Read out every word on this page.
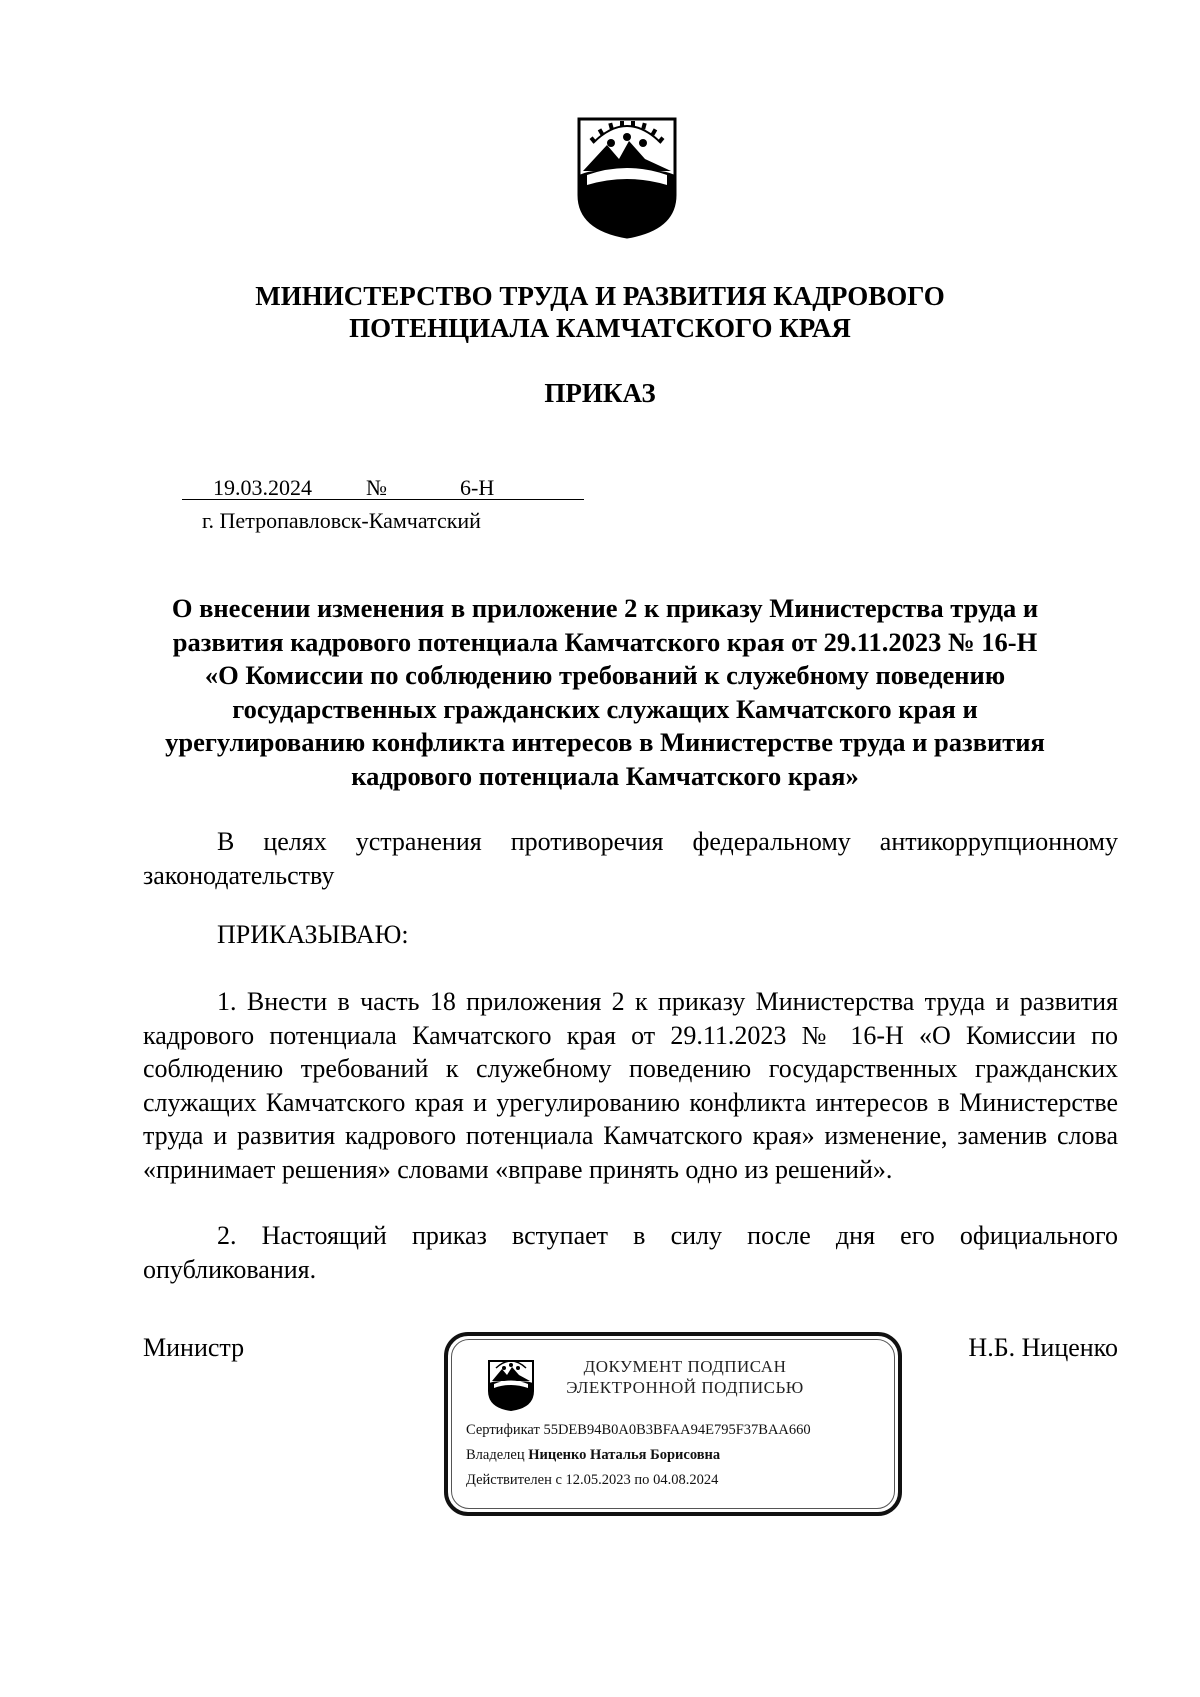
МИНИСТЕРСТВО ТРУДА И РАЗВИТИЯ КАДРОВОГО
ПОТЕНЦИАЛА КАМЧАТСКОГО КРАЯ
ПРИКАЗ
19.03.2024 №	6-Н
г. Петропавловск-Камчатский
О внесении изменения в приложение 2 к приказу Министерства труда и
развития кадрового потенциала Камчатского края от 29.11.2023 № 16-Н
«О Комиссии по соблюдению требований к служебному поведению
государственных гражданских служащих Камчатского края и
урегулированию конфликта интересов в Министерстве труда и развития
кадрового потенциала Камчатского края»
В целях устранения противоречия федеральному антикоррупционному законодательству
ПРИКАЗЫВАЮ:
1. Внести в часть 18 приложения 2 к приказу Министерства труда и развития кадрового потенциала Камчатского края от 29.11.2023 № 16-Н «О Комиссии по соблюдению требований к служебному поведению государственных гражданских служащих Камчатского края и урегулированию конфликта интересов в Министерстве труда и развития кадрового потенциала Камчатского края» изменение, заменив слова «принимает решения» словами «вправе принять одно из решений».
2. Настоящий приказ вступает в силу после дня его официального опубликования.
Министр	Н.Б. Ниценко
ДОКУМЕНТ ПОДПИСАН
ЭЛЕКТРОННОЙ ПОДПИСЬЮ
Сертификат 55DEB94B0A0B3BFAA94E795F37BAA660
Владелец Ниценко Наталья Борисовна
Действителен с 12.05.2023 по 04.08.2024
